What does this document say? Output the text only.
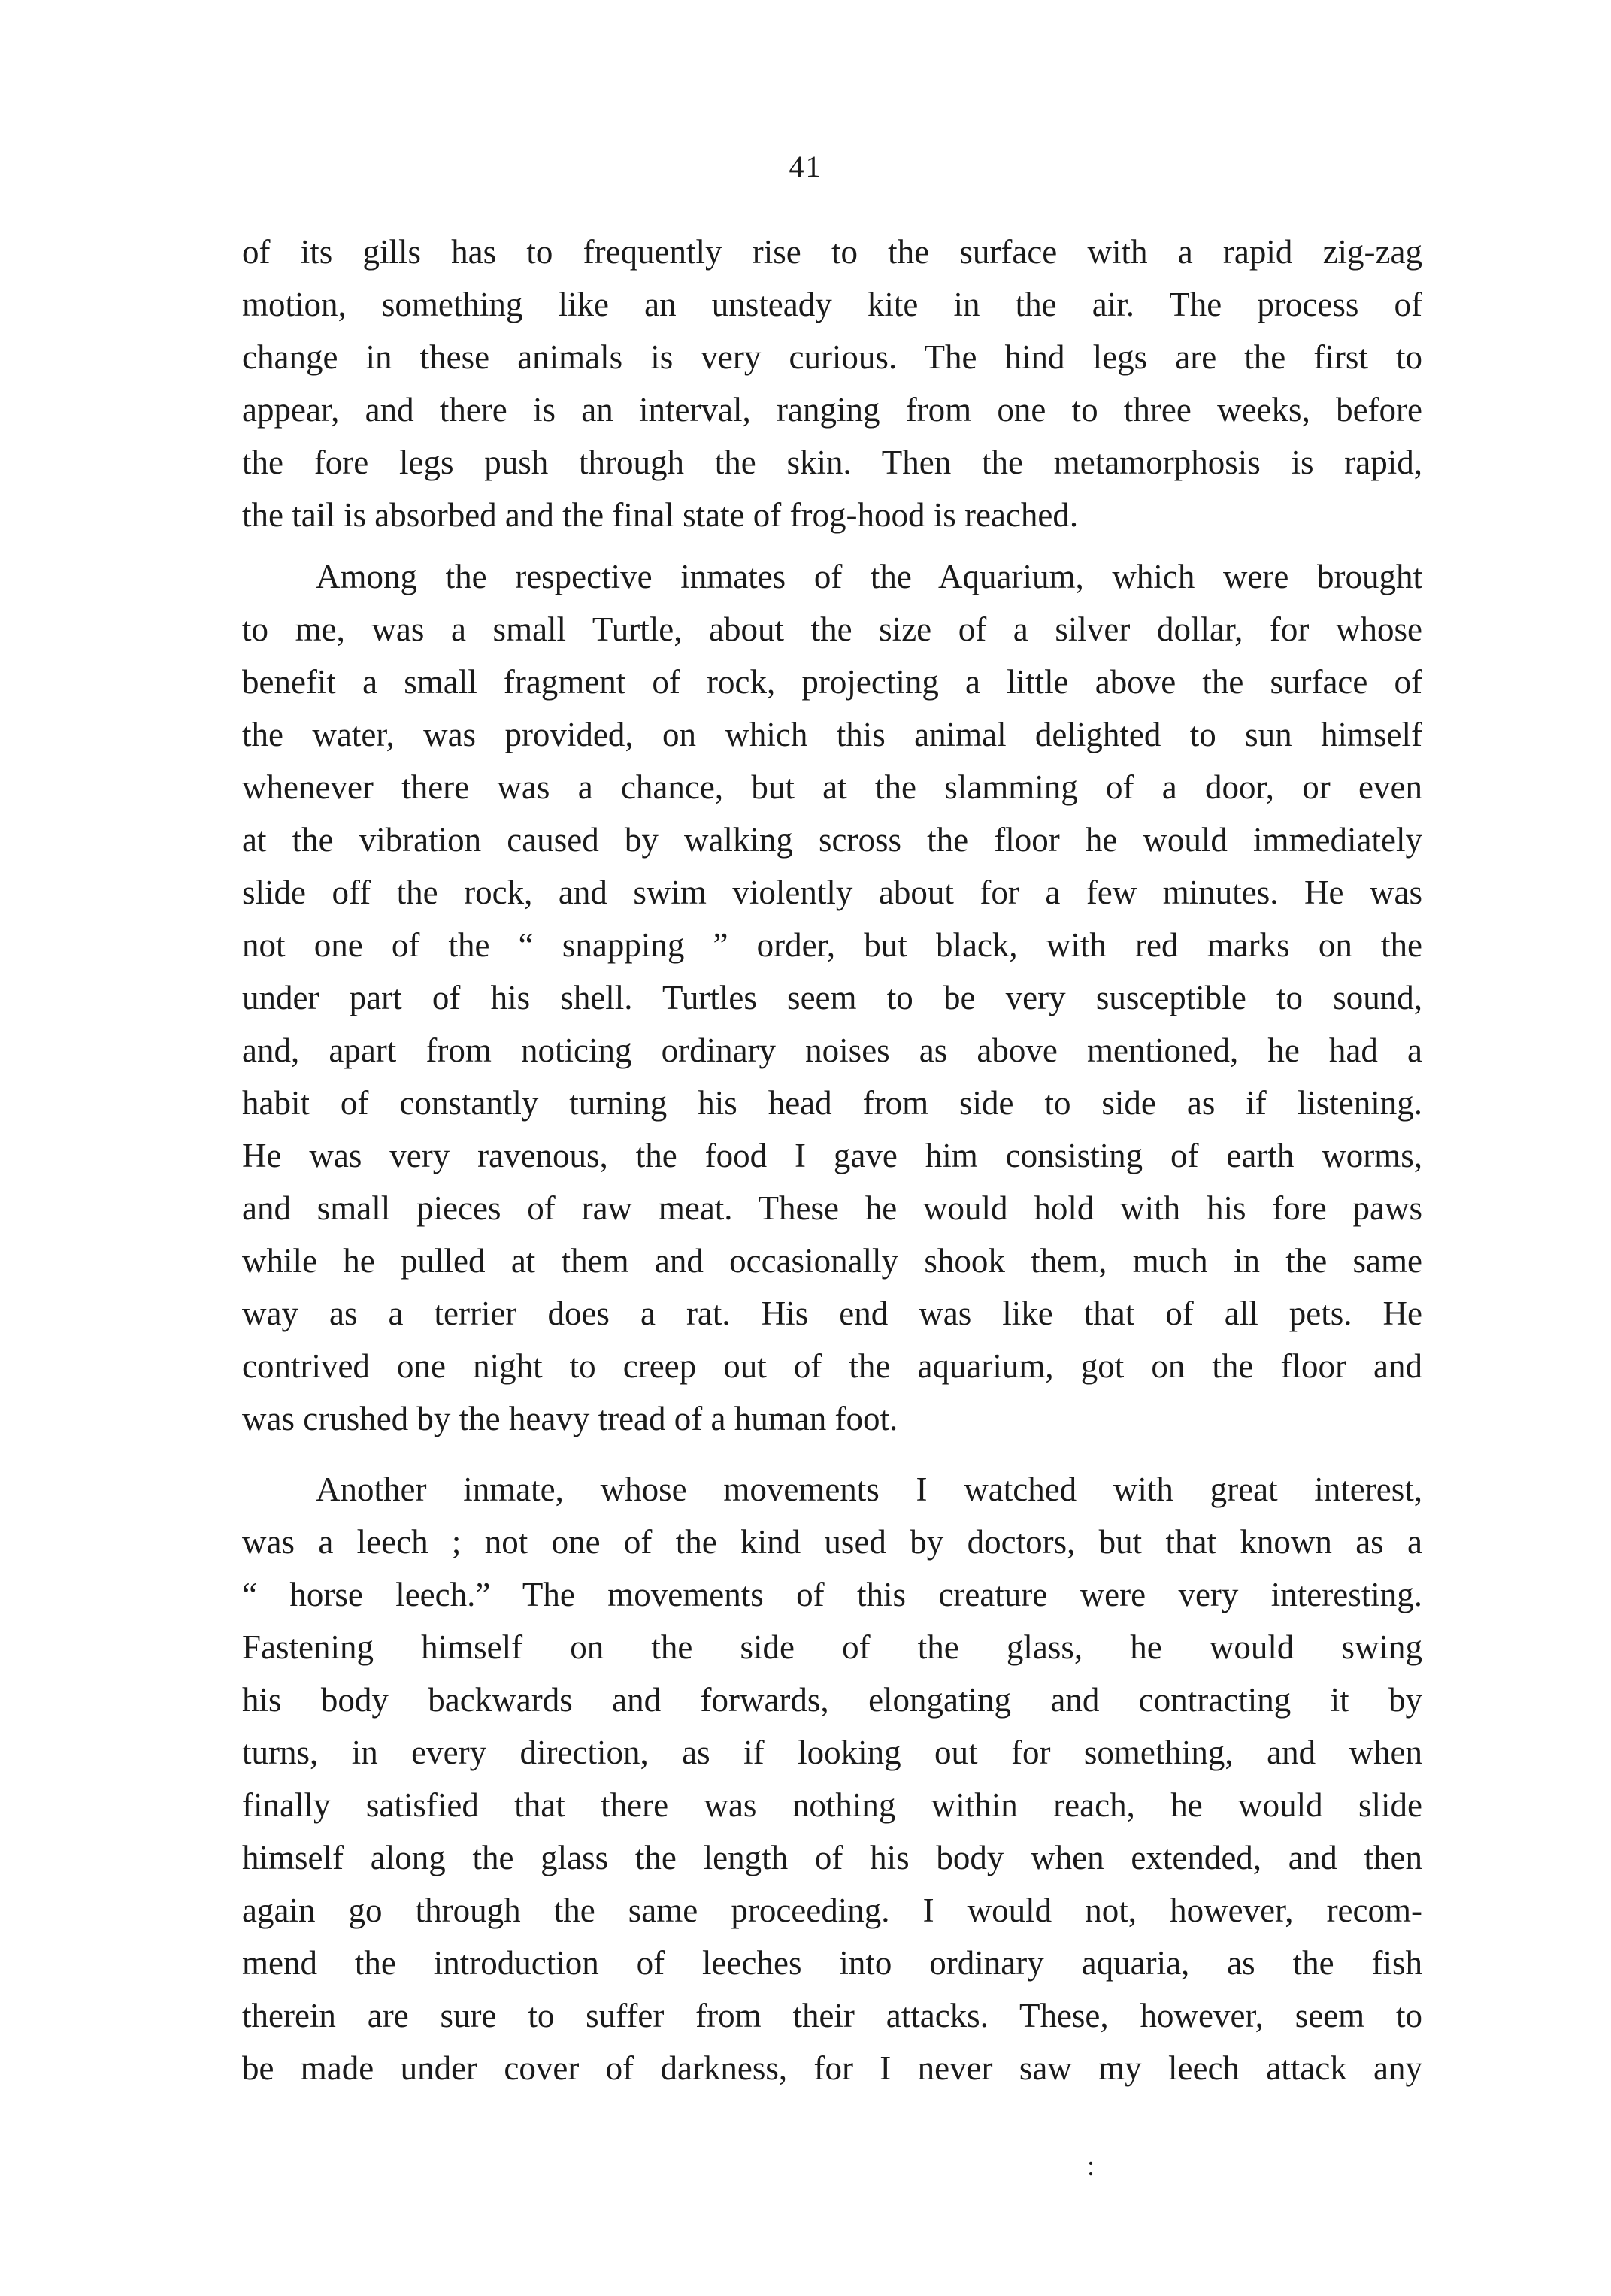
41
of its gills has to frequently rise to the surface with a rapid zig-zag
motion, something like an unsteady kite in the air. The process of
change in these animals is very curious. The hind legs are the first to
appear, and there is an interval, ranging from one to three weeks, before
the fore legs push through the skin. Then the metamorphosis is rapid,
the tail is absorbed and the final state of frog-hood is reached.
Among the respective inmates of the Aquarium, which were brought
to me, was a small Turtle, about the size of a silver dollar, for whose
benefit a small fragment of rock, projecting a little above the surface of
the water, was provided, on which this animal delighted to sun himself
whenever there was a chance, but at the slamming of a door, or even
at the vibration caused by walking scross the floor he would immediately
slide off the rock, and swim violently about for a few minutes. He was
not one of the “ snapping ” order, but black, with red marks on the
under part of his shell. Turtles seem to be very susceptible to sound,
and, apart from noticing ordinary noises as above mentioned, he had a
habit of constantly turning his head from side to side as if listening.
He was very ravenous, the food I gave him consisting of earth worms,
and small pieces of raw meat. These he would hold with his fore paws
while he pulled at them and occasionally shook them, much in the same
way as a terrier does a rat. His end was like that of all pets. He
contrived one night to creep out of the aquarium, got on the floor and
was crushed by the heavy tread of a human foot.
Another inmate, whose movements I watched with great interest,
was a leech ; not one of the kind used by doctors, but that known as a
“ horse leech.” The movements of this creature were very interesting.
Fastening himself on the side of the glass, he would swing
his body backwards and forwards, elongating and contracting it by
turns, in every direction, as if looking out for something, and when
finally satisfied that there was nothing within reach, he would slide
himself along the glass the length of his body when extended, and then
again go through the same proceeding. I would not, however, recom-
mend the introduction of leeches into ordinary aquaria, as the fish
therein are sure to suffer from their attacks. These, however, seem to
be made under cover of darkness, for I never saw my leech attack any
:
